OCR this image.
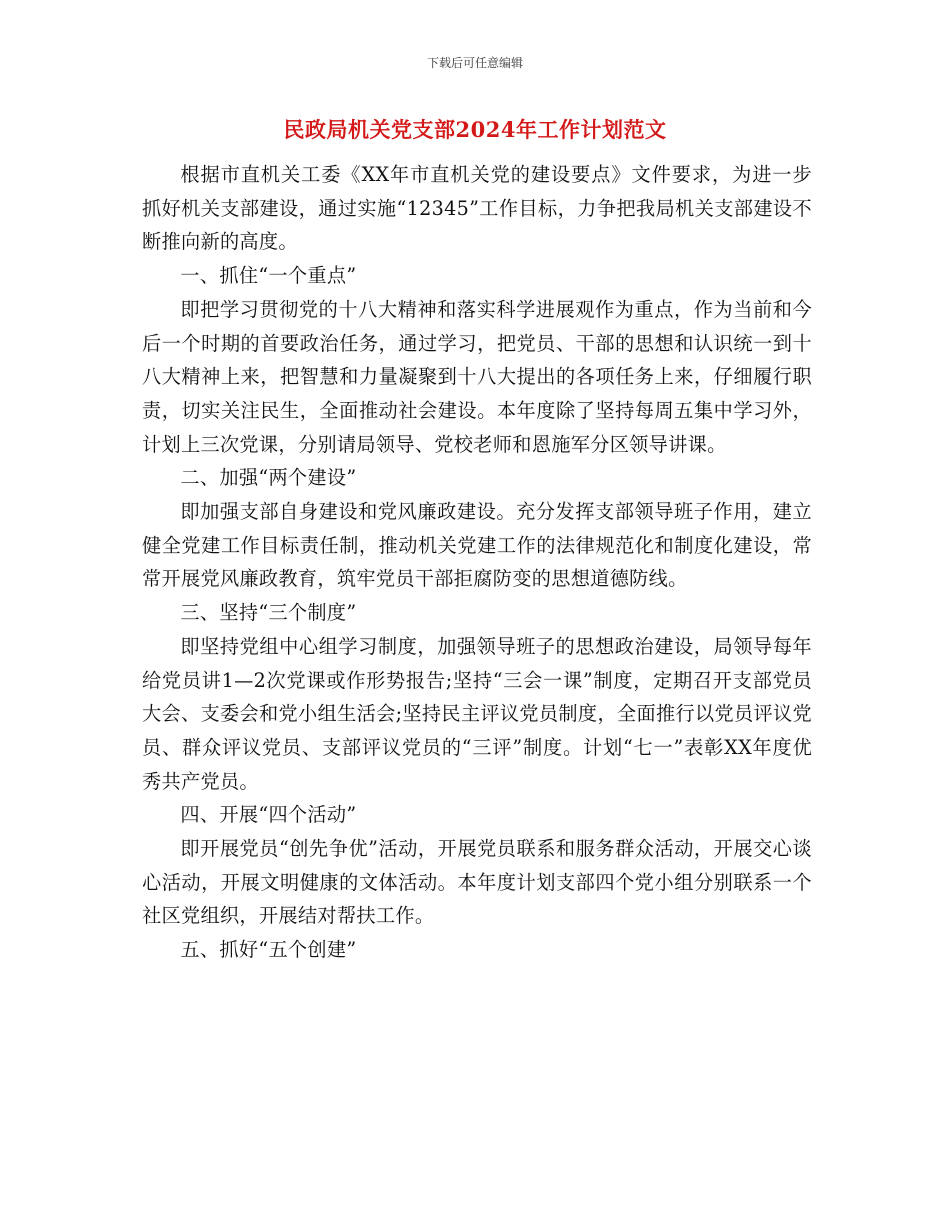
下载后可任意编辑
民政局机关党支部2024年工作计划范文

根据市直机关工委《XX年市直机关党的建设要点》文件要求，为进一步抓好机关支部建设，通过实施“12345”工作目标，力争把我局机关支部建设不断推向新的高度。

一、抓住“一个重点”

即把学习贯彻党的十八大精神和落实科学进展观作为重点，作为当前和今后一个时期的首要政治任务，通过学习，把党员、干部的思想和认识统一到十八大精神上来，把智慧和力量凝聚到十八大提出的各项任务上来，仔细履行职责，切实关注民生，全面推动社会建设。本年度除了坚持每周五集中学习外，计划上三次党课，分别请局领导、党校老师和恩施军分区领导讲课。

二、加强“两个建设”

即加强支部自身建设和党风廉政建设。充分发挥支部领导班子作用，建立健全党建工作目标责任制，推动机关党建工作的法律规范化和制度化建设，常常开展党风廉政教育，筑牢党员干部拒腐防变的思想道德防线。

三、坚持“三个制度”

即坚持党组中心组学习制度，加强领导班子的思想政治建设，局领导每年给党员讲1—2次党课或作形势报告;坚持“三会一课”制度，定期召开支部党员大会、支委会和党小组生活会;坚持民主评议党员制度，全面推行以党员评议党员、群众评议党员、支部评议党员的“三评”制度。计划“七一”表彰XX年度优秀共产党员。

四、开展“四个活动”

即开展党员“创先争优”活动，开展党员联系和服务群众活动，开展交心谈心活动，开展文明健康的文体活动。本年度计划支部四个党小组分别联系一个社区党组织，开展结对帮扶工作。

五、抓好“五个创建”
